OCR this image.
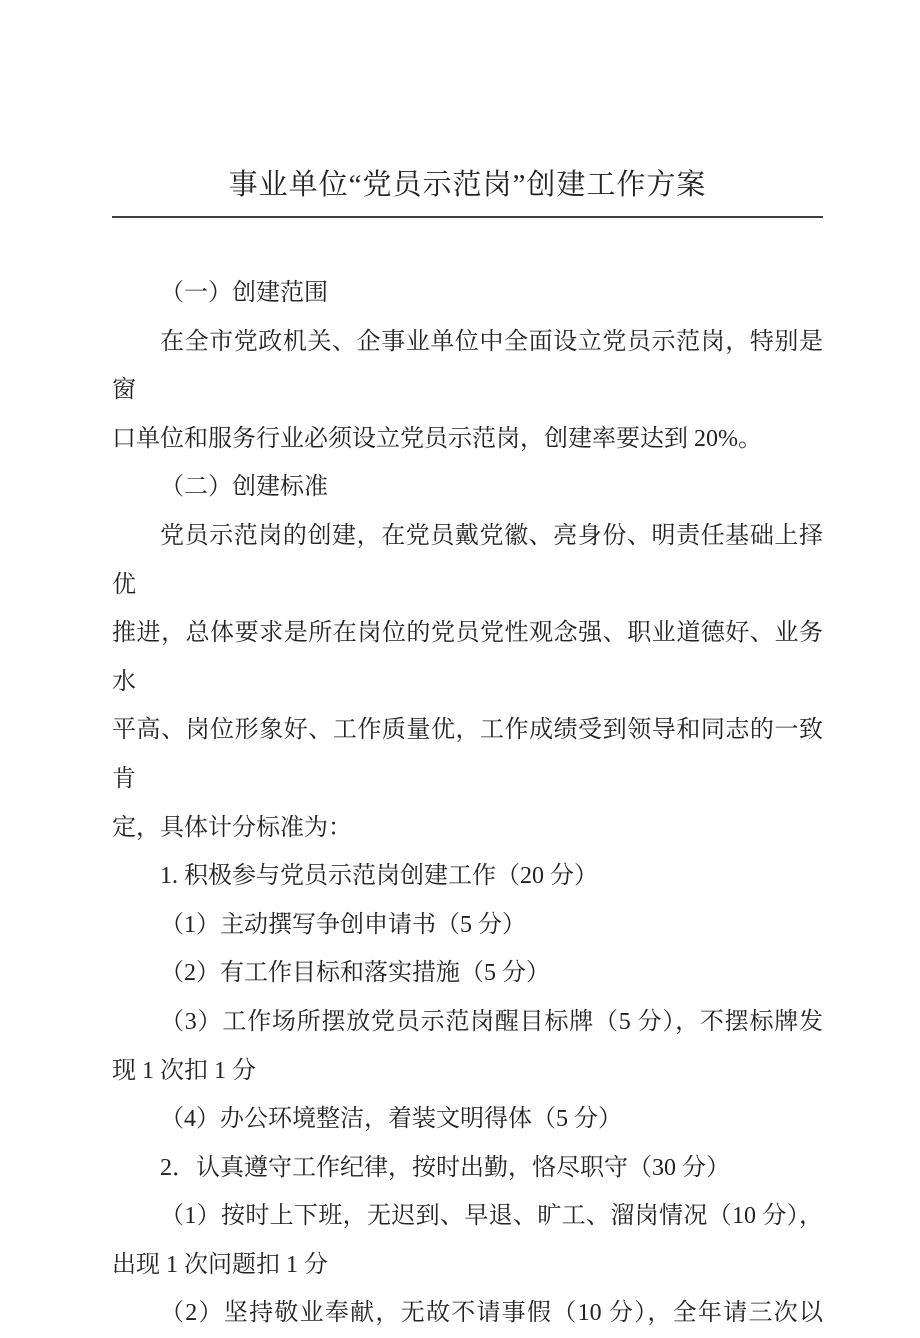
事业单位“党员示范岗”创建工作方案
（一）创建范围
在全市党政机关、企事业单位中全面设立党员示范岗，特别是窗
口单位和服务行业必须设立党员示范岗，创建率要达到 20%。
（二）创建标准
党员示范岗的创建，在党员戴党徽、亮身份、明责任基础上择优
推进，总体要求是所在岗位的党员党性观念强、职业道德好、业务水
平高、岗位形象好、工作质量优，工作成绩受到领导和同志的一致肯
定，具体计分标准为：
1. 积极参与党员示范岗创建工作（20 分）
（1）主动撰写争创申请书（5 分）
（2）有工作目标和落实措施（5 分）
（3）工作场所摆放党员示范岗醒目标牌（5 分），不摆标牌发
现 1 次扣 1 分
（4）办公环境整洁，着装文明得体（5 分）
2．认真遵守工作纪律，按时出勤，恪尽职守（30 分）
（1）按时上下班，无迟到、早退、旷工、溜岗情况（10 分），
出现 1 次问题扣 1 分
（2）坚持敬业奉献，无故不请事假（10 分），全年请三次以
